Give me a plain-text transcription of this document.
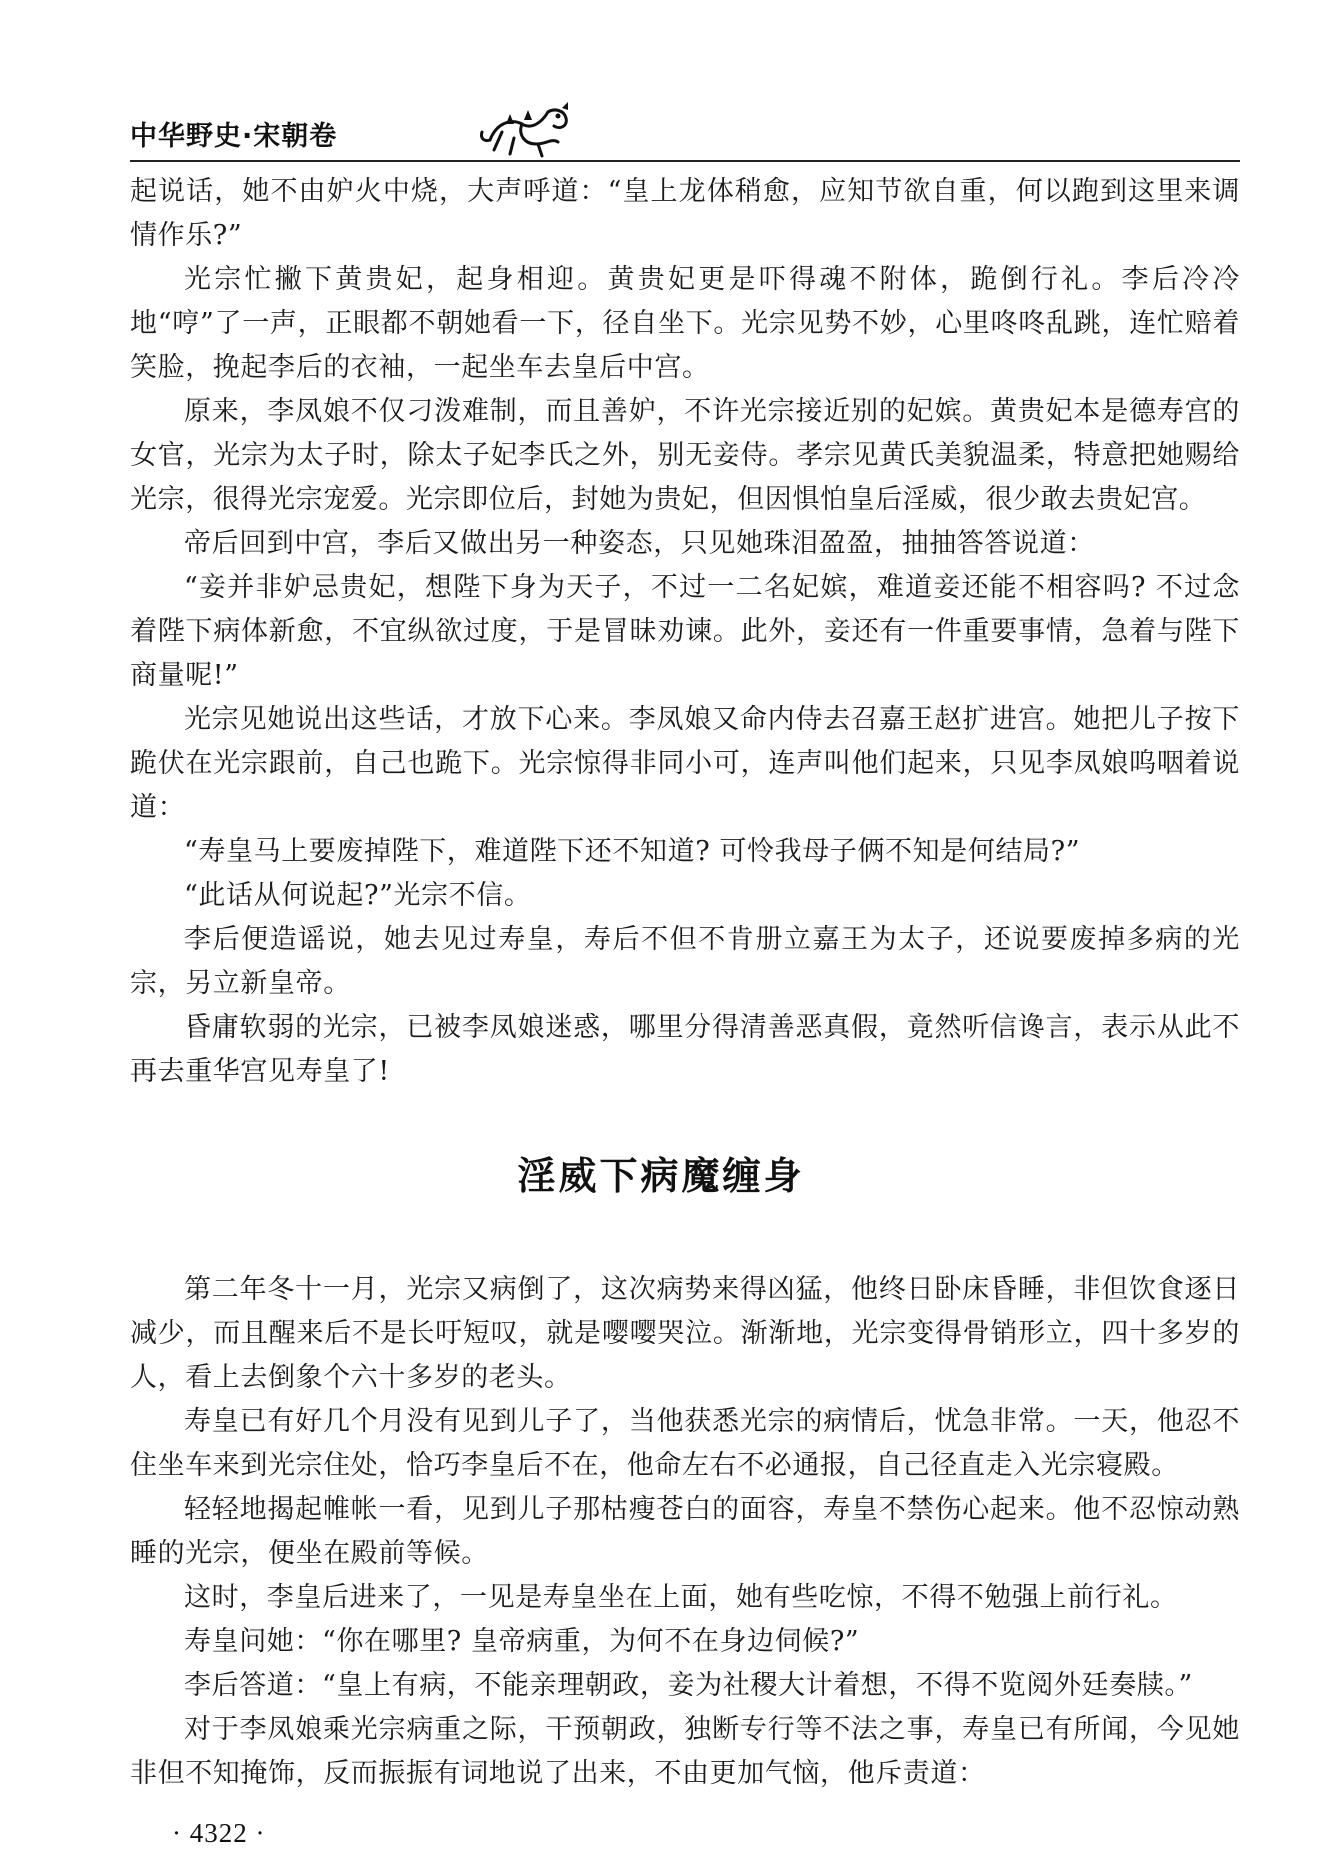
中华野史·宋朝卷

起说话，她不由妒火中烧，大声呼道：“皇上龙体稍愈，应知节欲自重，何以跑到这里来调情作乐?”

光宗忙撇下黄贵妃，起身相迎。黄贵妃更是吓得魂不附体，跪倒行礼。李后冷冷地“哼”了一声，正眼都不朝她看一下，径自坐下。光宗见势不妙，心里咚咚乱跳，连忙赔着笑脸，挽起李后的衣袖，一起坐车去皇后中宫。

原来，李凤娘不仅刁泼难制，而且善妒，不许光宗接近别的妃嫔。黄贵妃本是德寿宫的女官，光宗为太子时，除太子妃李氏之外，别无妾侍。孝宗见黄氏美貌温柔，特意把她赐给光宗，很得光宗宠爱。光宗即位后，封她为贵妃，但因惧怕皇后淫威，很少敢去贵妃宫。

帝后回到中宫，李后又做出另一种姿态，只见她珠泪盈盈，抽抽答答说道：

“妾并非妒忌贵妃，想陛下身为天子，不过一二名妃嫔，难道妾还能不相容吗? 不过念着陛下病体新愈，不宜纵欲过度，于是冒昧劝谏。此外，妾还有一件重要事情，急着与陛下商量呢!”

光宗见她说出这些话，才放下心来。李凤娘又命内侍去召嘉王赵扩进宫。她把儿子按下跪伏在光宗跟前，自己也跪下。光宗惊得非同小可，连声叫他们起来，只见李凤娘呜咽着说道：

“寿皇马上要废掉陛下，难道陛下还不知道? 可怜我母子俩不知是何结局?”

“此话从何说起?”光宗不信。

李后便造谣说，她去见过寿皇，寿后不但不肯册立嘉王为太子，还说要废掉多病的光宗，另立新皇帝。

昏庸软弱的光宗，已被李凤娘迷惑，哪里分得清善恶真假，竟然听信谗言，表示从此不再去重华宫见寿皇了!

淫威下病魔缠身

第二年冬十一月，光宗又病倒了，这次病势来得凶猛，他终日卧床昏睡，非但饮食逐日减少，而且醒来后不是长吁短叹，就是嘤嘤哭泣。渐渐地，光宗变得骨销形立，四十多岁的人，看上去倒象个六十多岁的老头。

寿皇已有好几个月没有见到儿子了，当他获悉光宗的病情后，忧急非常。一天，他忍不住坐车来到光宗住处，恰巧李皇后不在，他命左右不必通报，自己径直走入光宗寝殿。

轻轻地揭起帷帐一看，见到儿子那枯瘦苍白的面容，寿皇不禁伤心起来。他不忍惊动熟睡的光宗，便坐在殿前等候。

这时，李皇后进来了，一见是寿皇坐在上面，她有些吃惊，不得不勉强上前行礼。

寿皇问她：“你在哪里? 皇帝病重，为何不在身边伺候?”

李后答道：“皇上有病，不能亲理朝政，妾为社稷大计着想，不得不览阅外廷奏牍。”

对于李凤娘乘光宗病重之际，干预朝政，独断专行等不法之事，寿皇已有所闻，今见她非但不知掩饰，反而振振有词地说了出来，不由更加气恼，他斥责道：

· 4322 ·
